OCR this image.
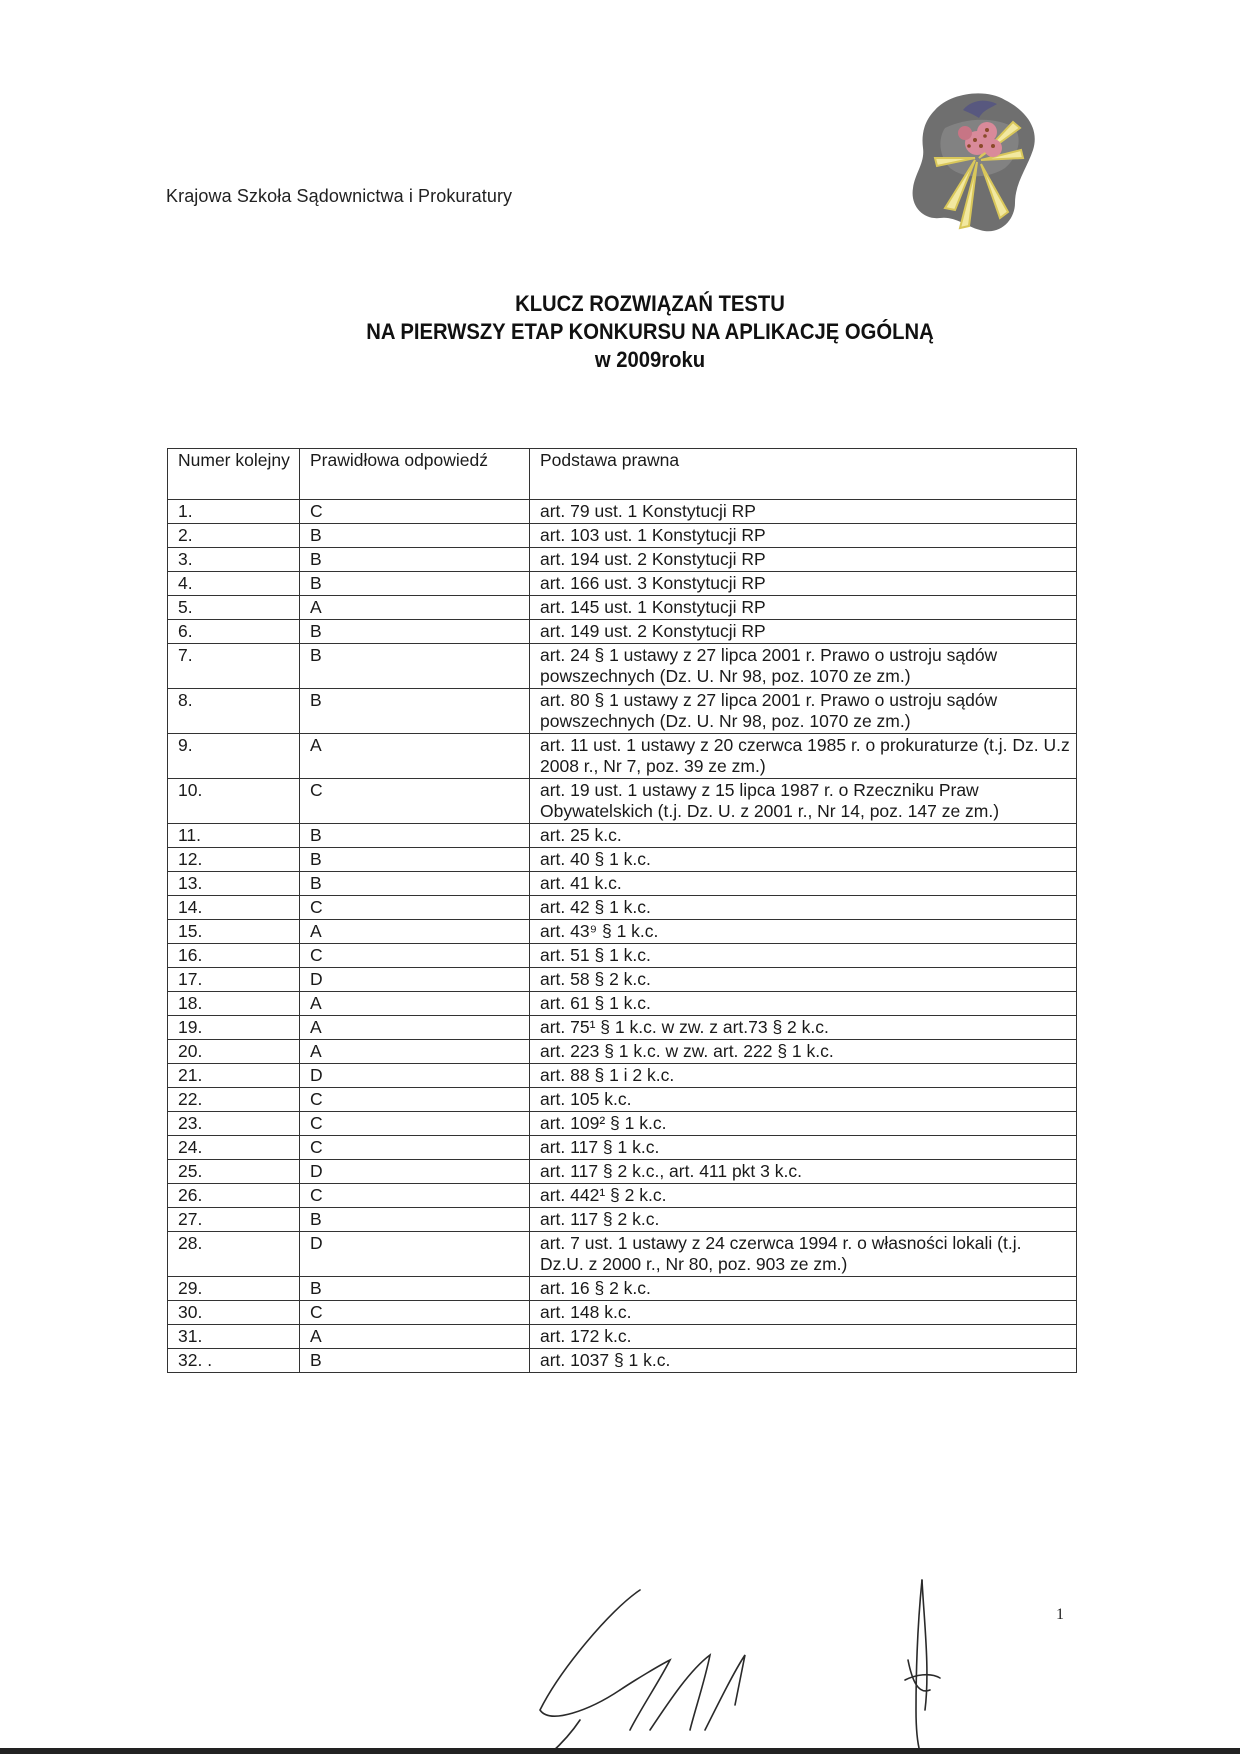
Krajowa Szkoła Sądownictwa i Prokuratury
KLUCZ ROZWIĄZAŃ TESTU
NA PIERWSZY ETAP KONKURSU NA APLIKACJĘ OGÓLNĄ
w 2009roku
Numer kolejny	Prawidłowa odpowiedź	Podstawa prawna
1.	C	art. 79 ust. 1 Konstytucji RP
2.	B	art. 103 ust. 1 Konstytucji RP
3.	B	art. 194 ust. 2 Konstytucji RP
4.	B	art. 166 ust. 3 Konstytucji RP
5.	A	art. 145 ust. 1 Konstytucji RP
6.	B	art. 149 ust. 2 Konstytucji RP
7.	B	art. 24 § 1 ustawy z 27 lipca 2001 r. Prawo o ustroju sądów powszechnych (Dz. U. Nr 98, poz. 1070 ze zm.)
8.	B	art. 80 § 1 ustawy z 27 lipca 2001 r. Prawo o ustroju sądów powszechnych (Dz. U. Nr 98, poz. 1070 ze zm.)
9.	A	art. 11 ust. 1 ustawy z 20 czerwca 1985 r. o prokuraturze (t.j. Dz. U.z 2008 r., Nr 7, poz. 39 ze zm.)
10.	C	art. 19 ust. 1 ustawy z 15 lipca 1987 r. o Rzeczniku Praw Obywatelskich (t.j. Dz. U. z 2001 r., Nr 14, poz. 147 ze zm.)
11.	B	art. 25 k.c.
12.	B	art. 40 § 1 k.c.
13.	B	art. 41 k.c.
14.	C	art. 42 § 1 k.c.
15.	A	art. 43⁹ § 1 k.c.
16.	C	art. 51 § 1 k.c.
17.	D	art. 58 § 2 k.c.
18.	A	art. 61 § 1 k.c.
19.	A	art. 75¹ § 1 k.c. w zw. z art.73 § 2 k.c.
20.	A	art. 223 § 1 k.c. w zw. art. 222 § 1 k.c.
21.	D	art. 88 § 1 i 2 k.c.
22.	C	art. 105 k.c.
23.	C	art. 109² § 1 k.c.
24.	C	art. 117 § 1 k.c.
25.	D	art. 117 § 2 k.c., art. 411 pkt 3 k.c.
26.	C	art. 442¹ § 2 k.c.
27.	B	art. 117 § 2 k.c.
28.	D	art. 7 ust. 1 ustawy z 24 czerwca 1994 r. o własności lokali (t.j. Dz.U. z 2000 r., Nr 80, poz. 903 ze zm.)
29.	B	art. 16 § 2 k.c.
30.	C	art. 148 k.c.
31.	A	art. 172 k.c.
32. .	B	art. 1037 § 1 k.c.
1
